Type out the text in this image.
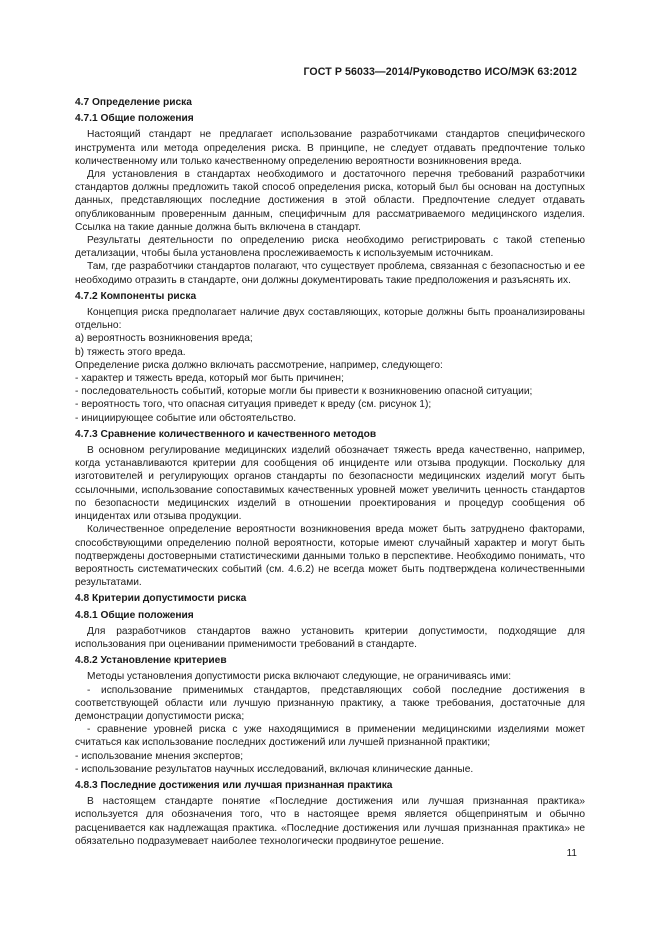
ГОСТ Р 56033—2014/Руководство ИСО/МЭК 63:2012
4.7 Определение риска
4.7.1 Общие положения
Настоящий стандарт не предлагает использование разработчиками стандартов специфического инструмента или метода определения риска. В принципе, не следует отдавать предпочтение только количественному или только качественному определению вероятности возникновения вреда.
Для установления в стандартах необходимого и достаточного перечня требований разработчики стандартов должны предложить такой способ определения риска, который был бы основан на доступных данных, представляющих последние достижения в этой области. Предпочтение следует отдавать опубликованным проверенным данным, специфичным для рассматриваемого медицинского изделия. Ссылка на такие данные должна быть включена в стандарт.
Результаты деятельности по определению риска необходимо регистрировать с такой степенью детализации, чтобы была установлена прослеживаемость к используемым источникам.
Там, где разработчики стандартов полагают, что существует проблема, связанная с безопасностью и ее необходимо отразить в стандарте, они должны документировать такие предположения и разъяснять их.
4.7.2 Компоненты риска
Концепция риска предполагает наличие двух составляющих, которые должны быть проанализированы отдельно:
а) вероятность возникновения вреда;
b) тяжесть этого вреда.
Определение риска должно включать рассмотрение, например, следующего:
- характер и тяжесть вреда, который мог быть причинен;
- последовательность событий, которые могли бы привести к возникновению опасной ситуации;
- вероятность того, что опасная ситуация приведет к вреду (см. рисунок 1);
- инициирующее событие или обстоятельство.
4.7.3 Сравнение количественного и качественного методов
В основном регулирование медицинских изделий обозначает тяжесть вреда качественно, например, когда устанавливаются критерии для сообщения об инциденте или отзыва продукции. Поскольку для изготовителей и регулирующих органов стандарты по безопасности медицинских изделий могут быть ссылочными, использование сопоставимых качественных уровней может увеличить ценность стандартов по безопасности медицинских изделий в отношении проектирования и процедур сообщения об инцидентах или отзыва продукции.
Количественное определение вероятности возникновения вреда может быть затруднено факторами, способствующими определению полной вероятности, которые имеют случайный характер и могут быть подтверждены достоверными статистическими данными только в перспективе. Необходимо понимать, что вероятность систематических событий (см. 4.6.2) не всегда может быть подтверждена количественными результатами.
4.8 Критерии допустимости риска
4.8.1 Общие положения
Для разработчиков стандартов важно установить критерии допустимости, подходящие для использования при оценивании применимости требований в стандарте.
4.8.2 Установление критериев
Методы установления допустимости риска включают следующие, не ограничиваясь ими:
- использование применимых стандартов, представляющих собой последние достижения в соответствующей области или лучшую признанную практику, а также требования, достаточные для демонстрации допустимости риска;
- сравнение уровней риска с уже находящимися в применении медицинскими изделиями может считаться как использование последних достижений или лучшей признанной практики;
- использование мнения экспертов;
- использование результатов научных исследований, включая клинические данные.
4.8.3 Последние достижения или лучшая признанная практика
В настоящем стандарте понятие «Последние достижения или лучшая признанная практика» используется для обозначения того, что в настоящее время является общепринятым и обычно расценивается как надлежащая практика. «Последние достижения или лучшая признанная практика» не обязательно подразумевает наиболее технологически продвинутое решение.
11
